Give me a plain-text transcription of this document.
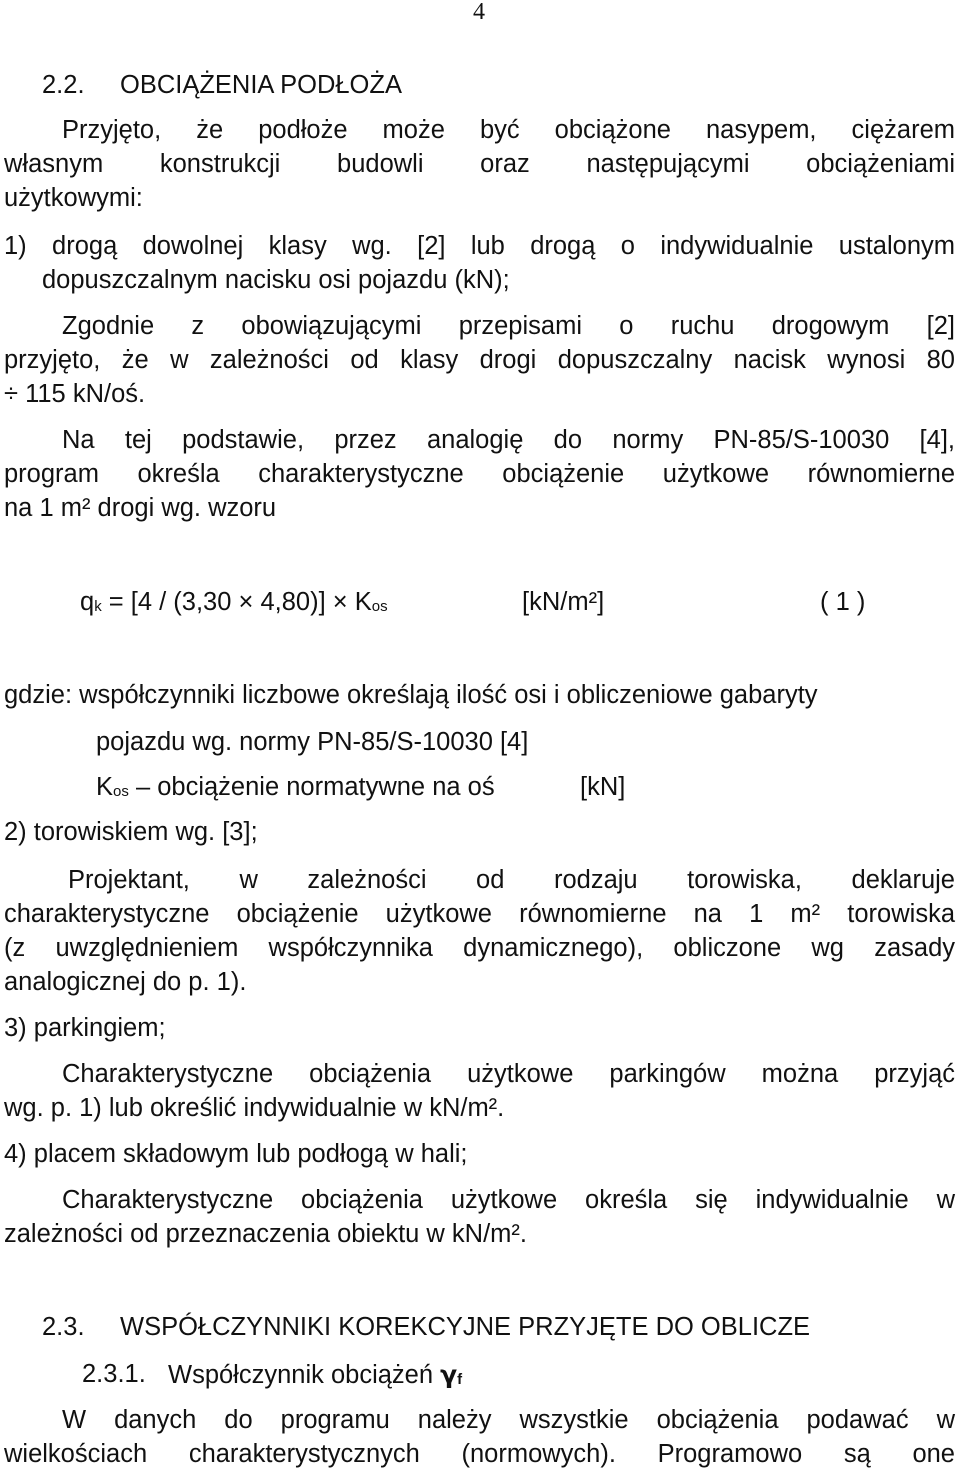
4
2.2. OBCIĄŻENIA PODŁOŻA
Przyjęto, że podłoże może być obciążone nasypem, ciężarem
własnym konstrukcji budowli oraz następującymi obciążeniami
użytkowymi:
1) drogą dowolnej klasy wg. [2] lub drogą o indywidualnie ustalonym
dopuszczalnym nacisku osi pojazdu (kN);
Zgodnie z obowiązującymi przepisami o ruchu drogowym [2]
przyjęto, że w zależności od klasy drogi dopuszczalny nacisk wynosi 80
÷ 115 kN/oś.
Na tej podstawie, przez analogię do normy PN-85/S-10030 [4],
program określa charakterystyczne obciążenie użytkowe równomierne
na 1 m² drogi wg. wzoru
$q_k = [4 / (3,30 \times 4,80)] \times K_{os}$	[kN/m²]	( 1 )
gdzie: współczynniki liczbowe określają ilość osi i obliczeniowe gabaryty
pojazdu wg. normy PN-85/S-10030 [4]
$K_{os}$ – obciążenie normatywne na oś	[kN]
2) torowiskiem wg. [3];
Projektant, w zależności od rodzaju torowiska, deklaruje
charakterystyczne obciążenie użytkowe równomierne na 1 m² torowiska
(z uwzględnieniem współczynnika dynamicznego), obliczone wg zasady
analogicznej do p. 1).
3) parkingiem;
Charakterystyczne obciążenia użytkowe parkingów można przyjąć
wg. p. 1) lub określić indywidualnie w kN/m².
4) placem składowym lub podłogą w hali;
Charakterystyczne obciążenia użytkowe określa się indywidualnie w
zależności od przeznaczenia obiektu w kN/m².
2.3. WSPÓŁCZYNNIKI KOREKCYJNE PRZYJĘTE DO OBLICZE
2.3.1. Współczynnik obciążeń $\gamma_f$
W danych do programu należy wszystkie obciążenia podawać w
wielkościach charakterystycznych (normowych). Programowo są one
